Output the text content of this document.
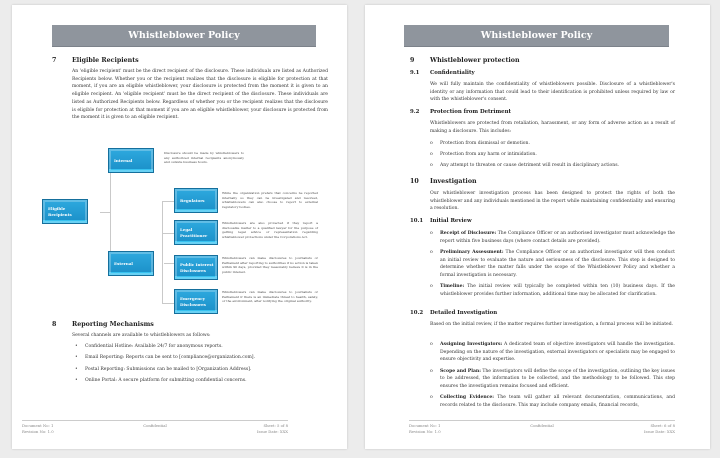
Whistleblower Policy
7 Eligible Recipients
An 'eligible recipient' must be the direct recipient of the disclosure. These individuals are listed as Authorized Recipients below. Whether you or the recipient realizes that the disclosure is eligible for protection at that moment, if you are an eligible whistleblower, your disclosure is protected from the moment it is given to an eligible recipient. An 'eligible recipient' must be the direct recipient of the disclosure. These individuals are listed as Authorized Recipients below. Regardless of whether you or the recipient realizes that the disclosure is eligible for protection at that moment if you are an eligible whistleblower, your disclosure is protected from the moment it is given to an eligible recipient.
Eligible Recipients
Internal
Disclosure should be made by whistleblowers to any authorized internal recipients anonymously and outside business hours.
External
Regulators
While the organization prefers that concerns be reported internally so they can be investigated and resolved, whistleblowers can also choose to report to external regulatory bodies.
Legal Practitioner
Whistleblowers are also protected if they report a disclosable matter to a qualified lawyer for the purpose of getting legal advice or representation regarding whistleblower protections under the Corporations Act.
Public Interest Disclosures
Whistleblowers can make disclosures to journalists or Parliament after reporting to authorities if no action is taken within 90 days, provided they reasonably believe it is in the public interest.
Emergency Disclosures
Whistleblowers can make disclosures to journalists or Parliament if there is an immediate threat to health, safety, or the environment, after notifying the original authority.
8 Reporting Mechanisms
Several channels are available to whistleblowers as follows:
• Confidential Hotline: Available 24/7 for anonymous reports.
• Email Reporting: Reports can be sent to [compliance@organization.com].
• Postal Reporting: Submissions can be mailed to [Organization Address].
• Online Portal: A secure platform for submitting confidential concerns.
Document No: 1
Revision No: 1.0
Confidential	Sheet: 5 of 8
Issue Date: XXX
Whistleblower Policy
9 Whistleblower protection
9.1 Confidentiality
We will fully maintain the confidentiality of whistleblowers possible. Disclosure of a whistleblower's identity or any information that could lead to their identification is prohibited unless required by law or with the whistleblower's consent.
9.2 Protection from Detriment
Whistleblowers are protected from retaliation, harassment, or any form of adverse action as a result of making a disclosure. This includes:
o Protection from dismissal or demotion.
o Protection from any harm or intimidation.
o Any attempt to threaten or cause detriment will result in disciplinary actions.
10 Investigation
Our whistleblower investigation process has been designed to protect the rights of both the whistleblower and any individuals mentioned in the report while maintaining confidentiality and ensuring a resolution.
10.1 Initial Review
o Receipt of Disclosure: The Compliance Officer or an authorised investigator must acknowledge the report within five business days (where contact details are provided).
o Preliminary Assessment: The Compliance Officer or an authorized investigator will then conduct an initial review to evaluate the nature and seriousness of the disclosure. This step is designed to determine whether the matter falls under the scope of the Whistleblower Policy and whether a formal investigation is necessary.
o Timeline: The initial review will typically be completed within ten (10) business days. If the whistleblower provides further information, additional time may be allocated for clarification.
10.2 Detailed Investigation
Based on the initial review, if the matter requires further investigation, a formal process will be initiated.
o Assigning Investigators: A dedicated team of objective investigators will handle the investigation. Depending on the nature of the investigation, external investigators or specialists may be engaged to ensure objectivity and expertise.
o Scope and Plan: The investigators will define the scope of the investigation, outlining the key issues to be addressed, the information to be collected, and the methodology to be followed. This step ensures the investigation remains focused and efficient.
o Collecting Evidence: The team will gather all relevant documentation, communications, and records related to the disclosure. This may include company emails, financial records,
Document No: 1
Revision No: 1.0
Confidential	Sheet: 6 of 8
Issue Date: XXX
